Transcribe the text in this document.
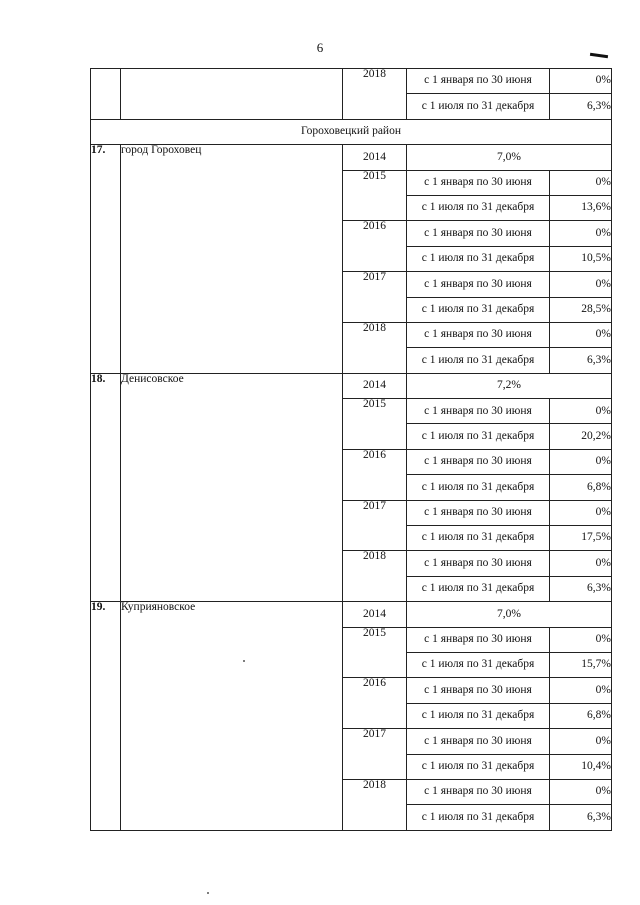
6
		2018	с 1 января по 30 июня	0%
			с 1 июля по 31 декабря	6,3%
Гороховецкий район				
17.	город Гороховец	2014	7,0%	
		2015	с 1 января по 30 июня	0%
			с 1 июля по 31 декабря	13,6%
		2016	с 1 января по 30 июня	0%
			с 1 июля по 31 декабря	10,5%
		2017	с 1 января по 30 июня	0%
			с 1 июля по 31 декабря	28,5%
		2018	с 1 января по 30 июня	0%
			с 1 июля по 31 декабря	6,3%
18.	Денисовское	2014	7,2%	
		2015	с 1 января по 30 июня	0%
			с 1 июля по 31 декабря	20,2%
		2016	с 1 января по 30 июня	0%
			с 1 июля по 31 декабря	6,8%
		2017	с 1 января по 30 июня	0%
			с 1 июля по 31 декабря	17,5%
		2018	с 1 января по 30 июня	0%
			с 1 июля по 31 декабря	6,3%
19.	Куприяновское	2014	7,0%	
		2015	с 1 января по 30 июня	0%
			с 1 июля по 31 декабря	15,7%
		2016	с 1 января по 30 июня	0%
			с 1 июля по 31 декабря	6,8%
		2017	с 1 января по 30 июня	0%
			с 1 июля по 31 декабря	10,4%
		2018	с 1 января по 30 июня	0%
			с 1 июля по 31 декабря	6,3%
